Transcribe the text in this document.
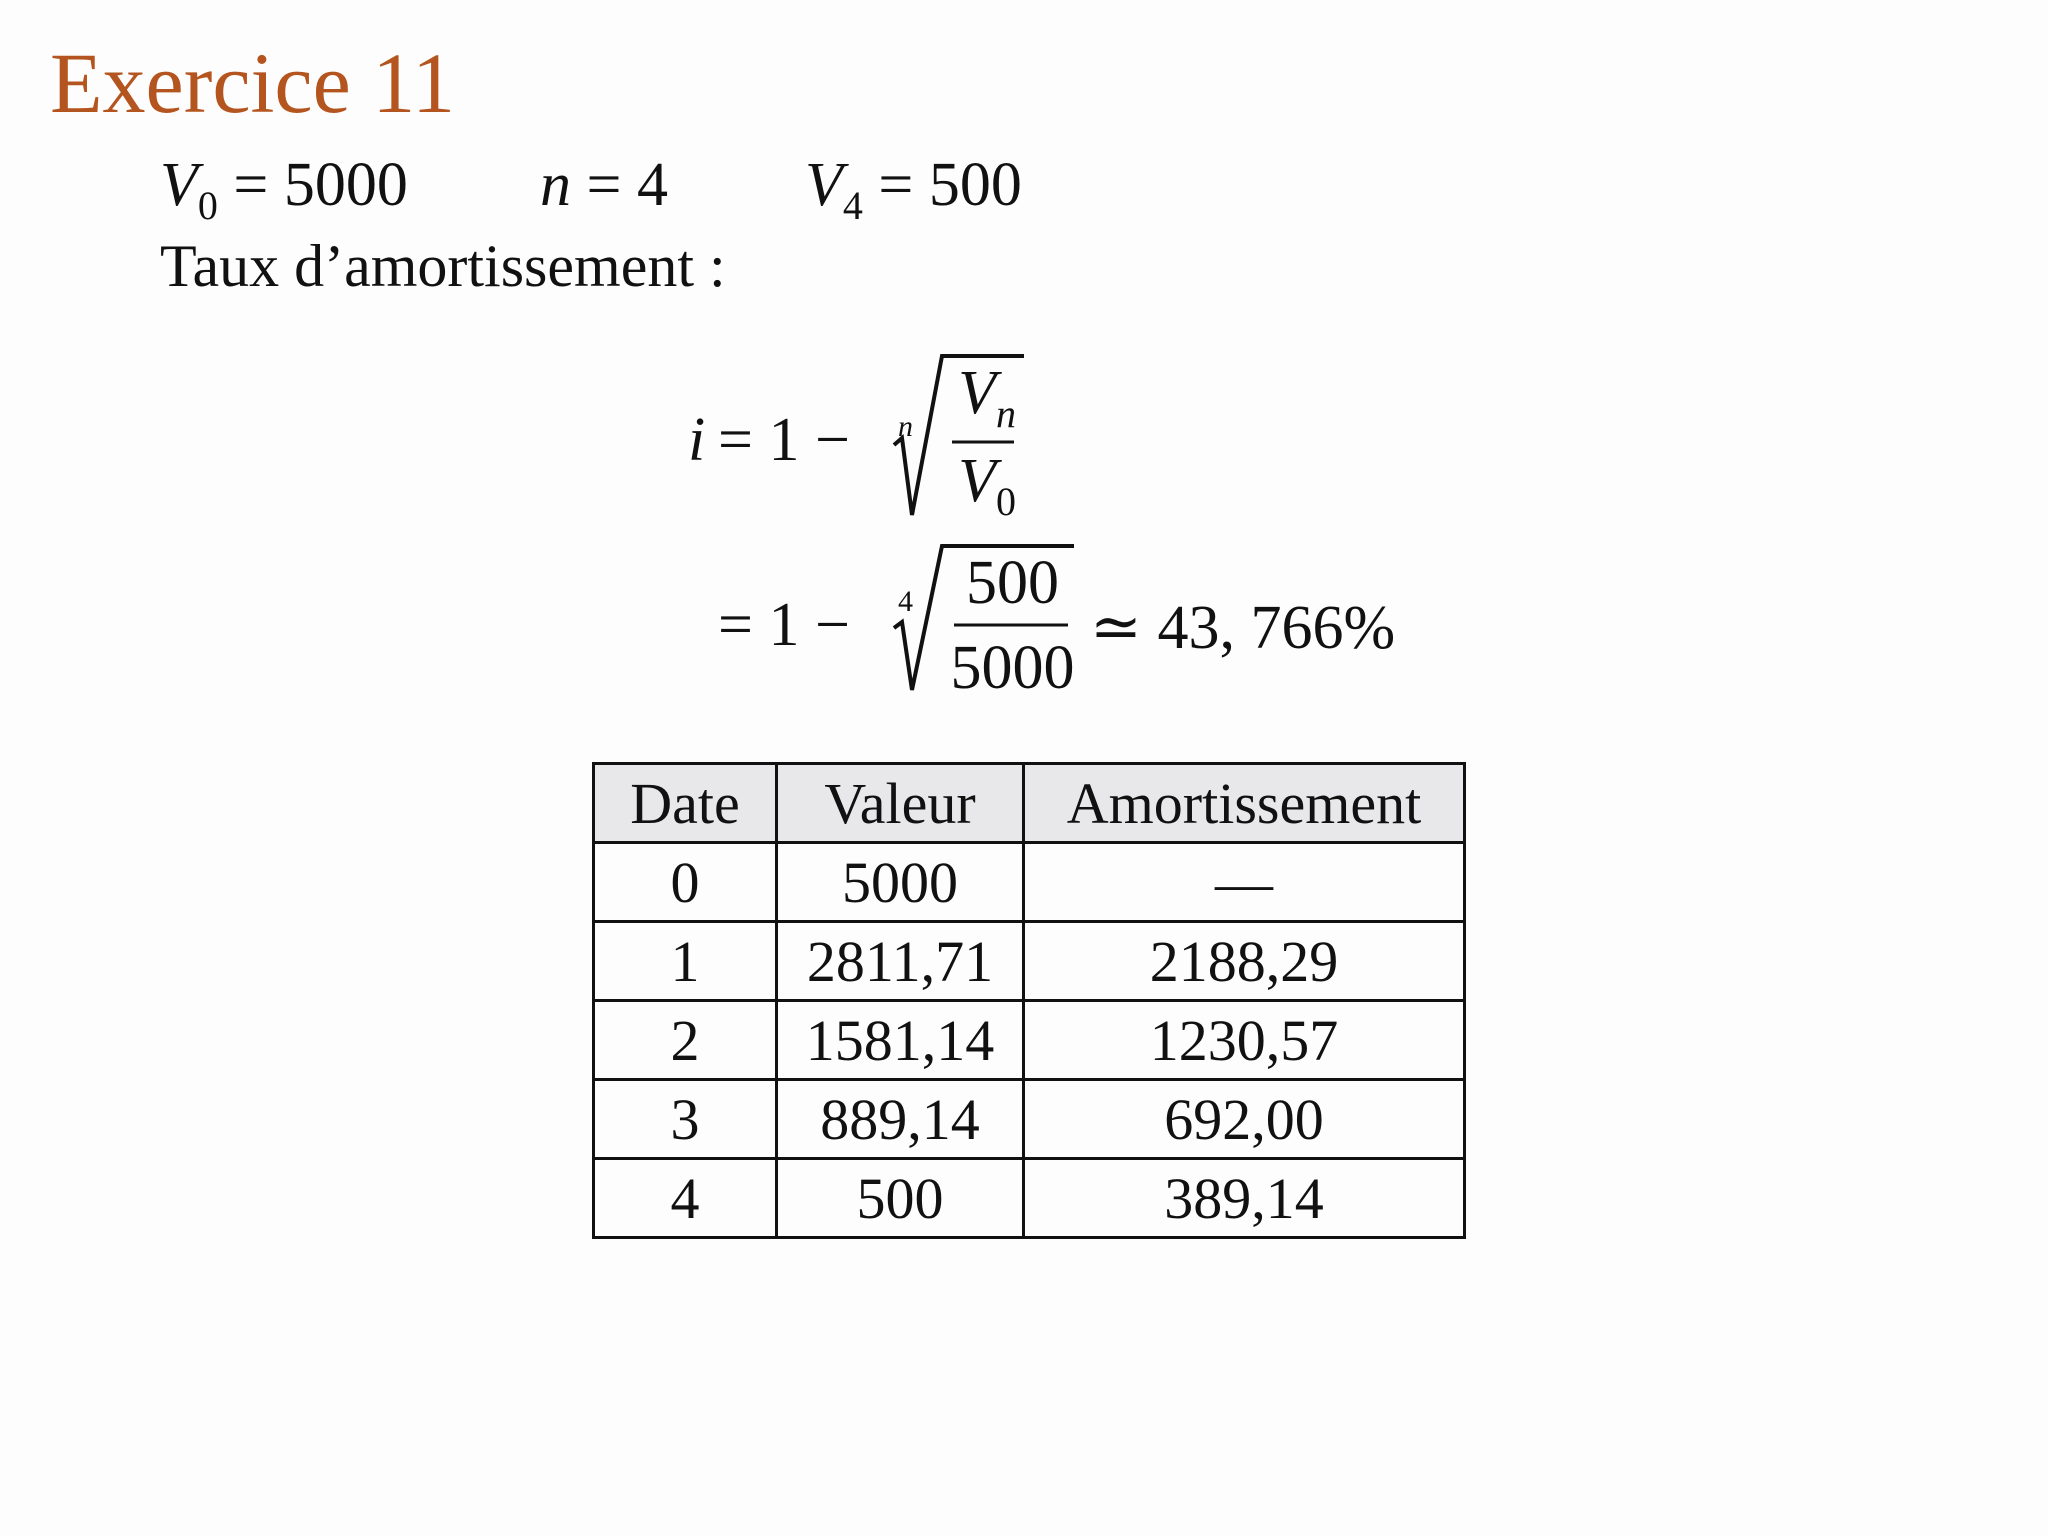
Exercice 11
$V_0 = 5000$ n = 4 $V_4 = 500$
Taux d’amortissement :
i = 1 − n $V_n$
$V_0$
= 1 − 4 500
5000
≃ 43, 766%
Date	Valeur	Amortissement
0	5000	—
1	2811,71	2188,29
2	1581,14	1230,57
3	889,14	692,00
4	500	389,14
